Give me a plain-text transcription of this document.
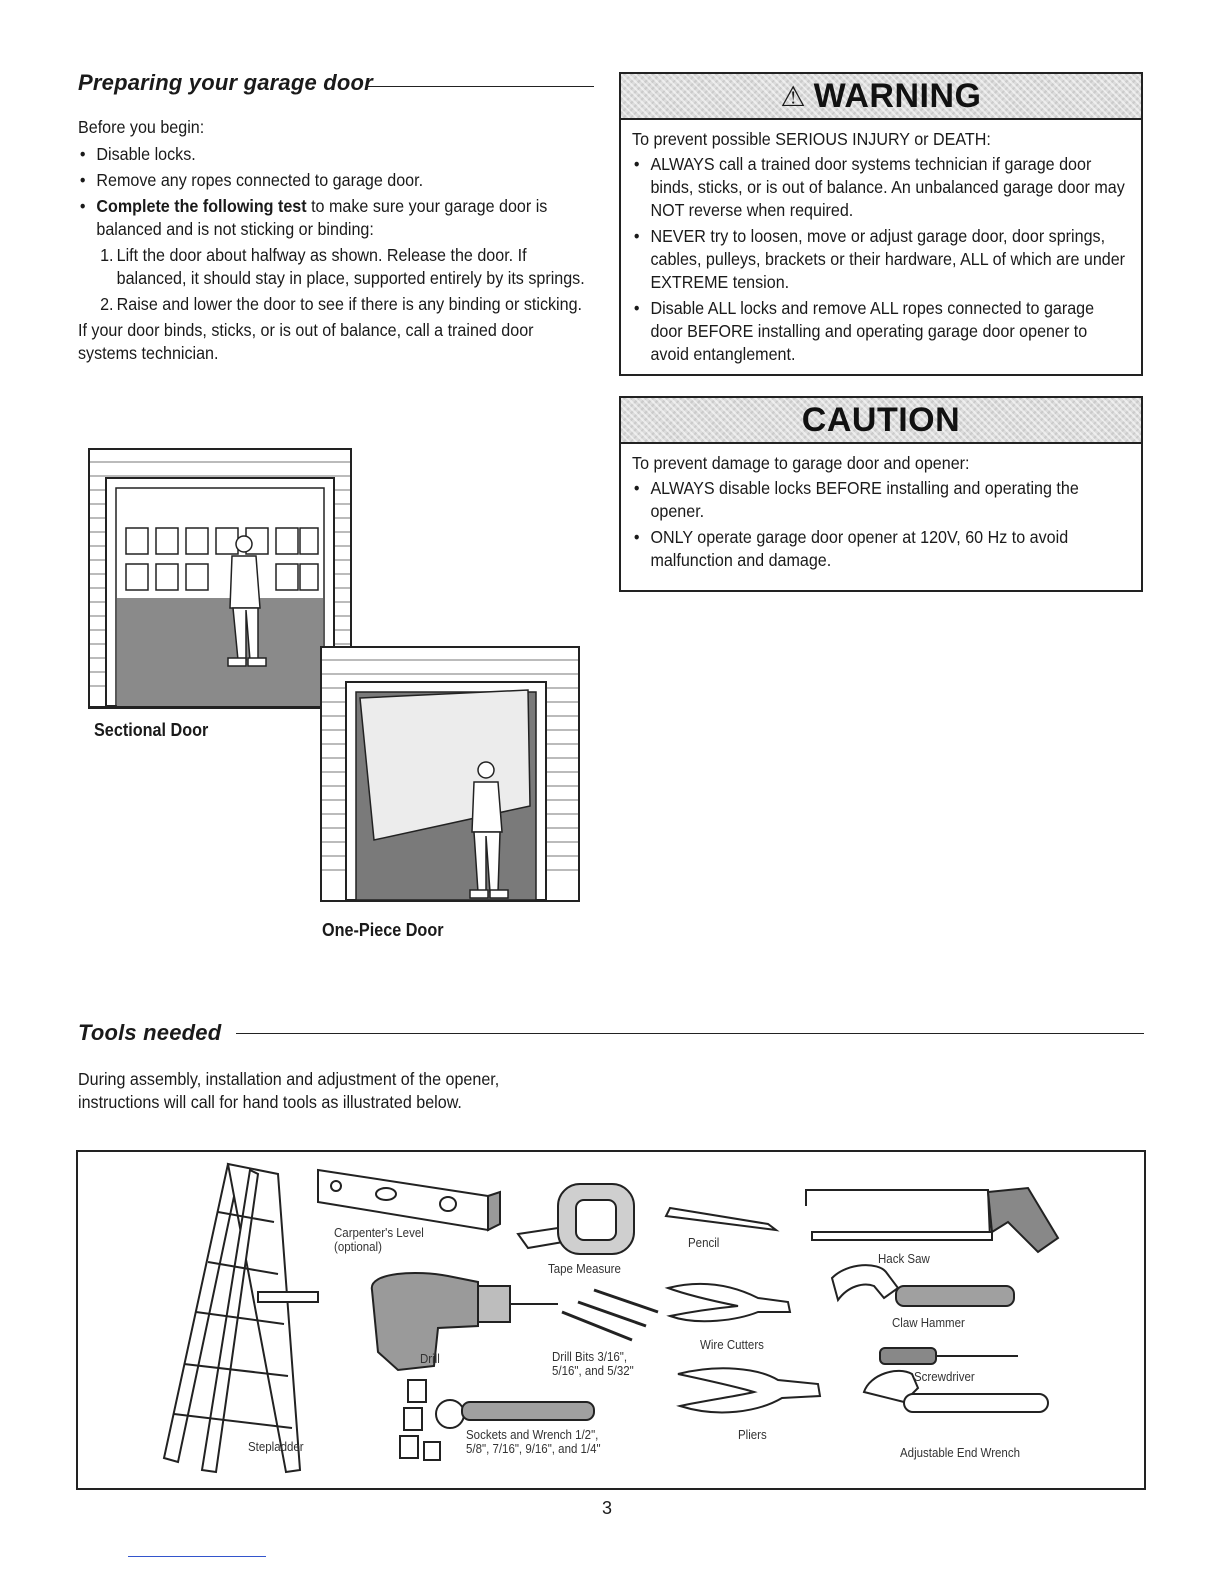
Preparing your garage door
Before you begin:
• Disable locks.
• Remove any ropes connected to garage door.
• Complete the following test to make sure your garage door is balanced and is not sticking or binding:
1. Lift the door about halfway as shown. Release the door. If balanced, it should stay in place, supported entirely by its springs.
2. Raise and lower the door to see if there is any binding or sticking.
If your door binds, sticks, or is out of balance, call a trained door systems technician.
Sectional Door
One-Piece Door
⚠ WARNING
To prevent possible SERIOUS INJURY or DEATH:
• ALWAYS call a trained door systems technician if garage door binds, sticks, or is out of balance. An unbalanced garage door may NOT reverse when required.
• NEVER try to loosen, move or adjust garage door, door springs, cables, pulleys, brackets or their hardware, ALL of which are under EXTREME tension.
• Disable ALL locks and remove ALL ropes connected to garage door BEFORE installing and operating garage door opener to avoid entanglement.
CAUTION
To prevent damage to garage door and opener:
• ALWAYS disable locks BEFORE installing and operating the opener.
• ONLY operate garage door opener at 120V, 60 Hz to avoid malfunction and damage.
Tools needed
During assembly, installation and adjustment of the opener, instructions will call for hand tools as illustrated below.
Carpenter's Level
(optional)
Tape Measure
Pencil
Hack Saw
Drill	Drill Bits 3/16",
5/16", and 5/32"
Wire Cutters
Claw Hammer
Screwdriver
Stepladder
Sockets and Wrench 1/2",
5/8", 7/16", 9/16", and 1/4"
Pliers
Adjustable End Wrench
3
